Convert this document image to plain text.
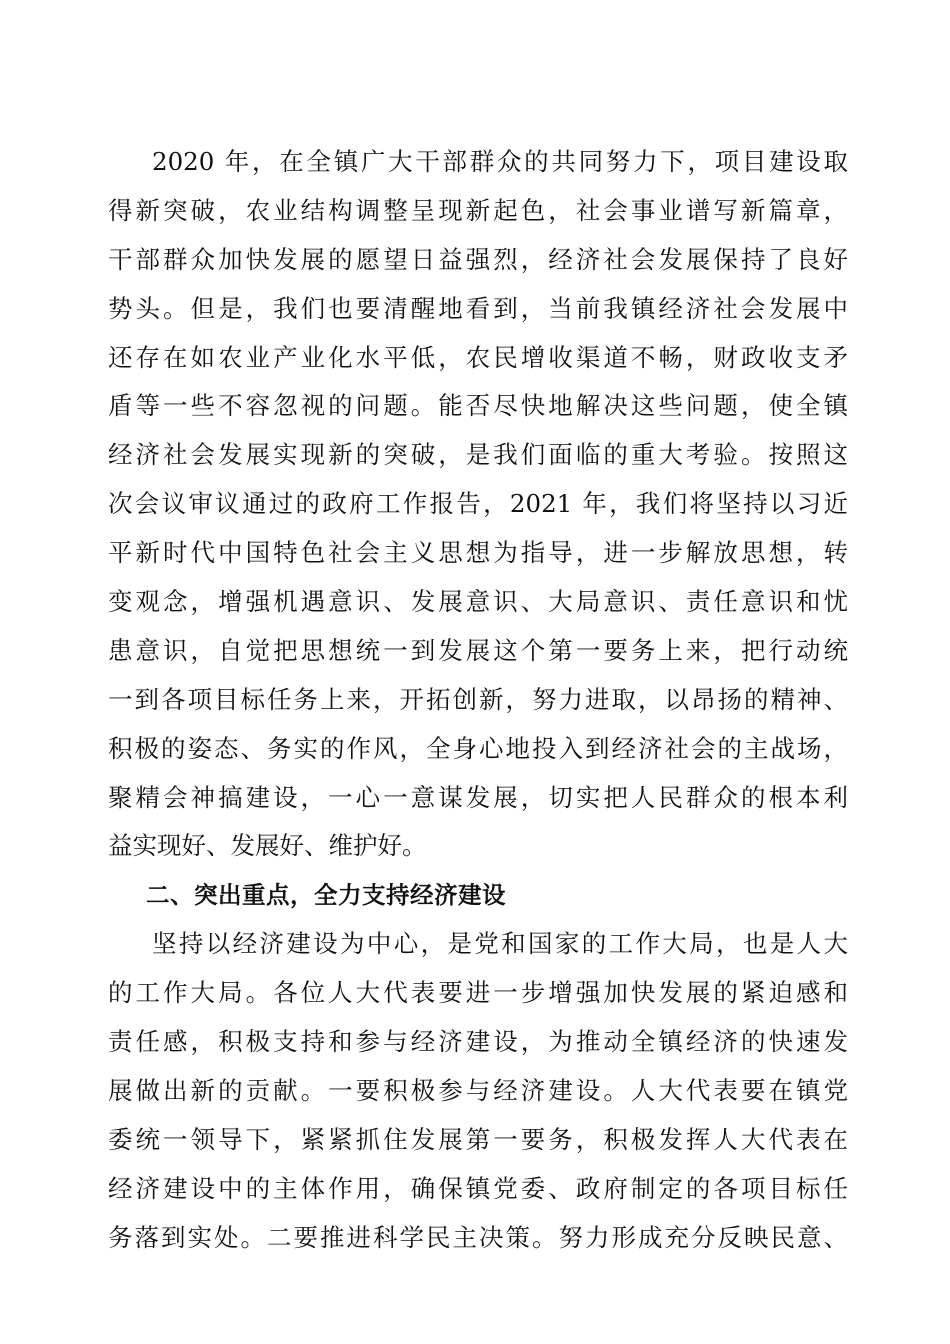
2020 年，在全镇广大干部群众的共同努力下，项目建设取
得新突破，农业结构调整呈现新起色，社会事业谱写新篇章，
干部群众加快发展的愿望日益强烈，经济社会发展保持了良好
势头。但是，我们也要清醒地看到，当前我镇经济社会发展中
还存在如农业产业化水平低，农民增收渠道不畅，财政收支矛
盾等一些不容忽视的问题。能否尽快地解决这些问题，使全镇
经济社会发展实现新的突破，是我们面临的重大考验。按照这
次会议审议通过的政府工作报告，2021 年，我们将坚持以习近
平新时代中国特色社会主义思想为指导，进一步解放思想，转
变观念，增强机遇意识、发展意识、大局意识、责任意识和忧
患意识，自觉把思想统一到发展这个第一要务上来，把行动统
一到各项目标任务上来，开拓创新，努力进取，以昂扬的精神、
积极的姿态、务实的作风，全身心地投入到经济社会的主战场，
聚精会神搞建设，一心一意谋发展，切实把人民群众的根本利
益实现好、发展好、维护好。
二、突出重点，全力支持经济建设
坚持以经济建设为中心，是党和国家的工作大局，也是人大
的工作大局。各位人大代表要进一步增强加快发展的紧迫感和
责任感，积极支持和参与经济建设，为推动全镇经济的快速发
展做出新的贡献。一要积极参与经济建设。人大代表要在镇党
委统一领导下，紧紧抓住发展第一要务，积极发挥人大代表在
经济建设中的主体作用，确保镇党委、政府制定的各项目标任
务落到实处。二要推进科学民主决策。努力形成充分反映民意、
